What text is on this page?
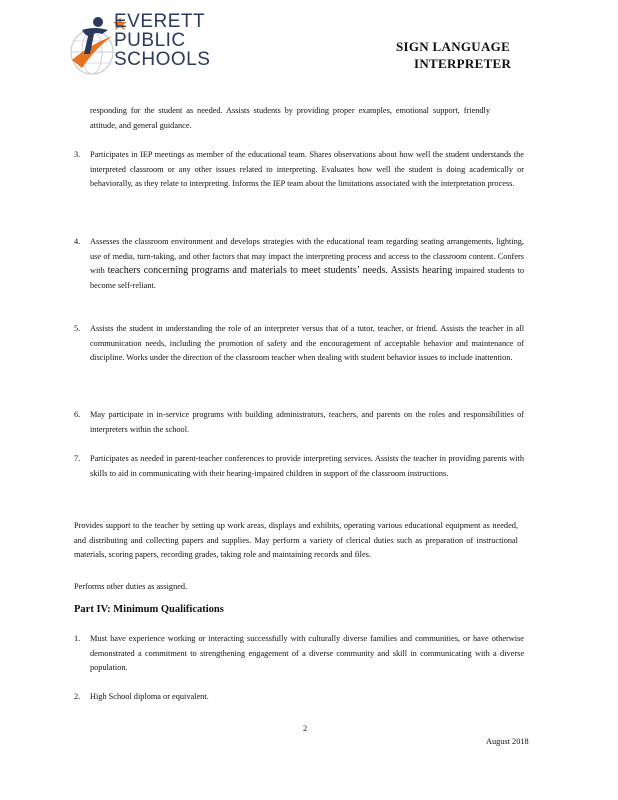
EVERETT
PUBLIC
SCHOOLS
SIGN LANGUAGE
INTERPRETER
responding for the student as needed. Assists students by providing proper examples, emotional support, friendly attitude, and general guidance.
3. Participates in IEP meetings as member of the educational team. Shares observations about how well the student understands the interpreted classroom or any other issues related to interpreting. Evaluates how well the student is doing academically or behaviorally, as they relate to interpreting. Informs the IEP team about the limitations associated with the interpretation process.
4. Assesses the classroom environment and develops strategies with the educational team regarding seating arrangements, lighting, use of media, turn-taking, and other factors that may impact the interpreting process and access to the classroom content. Confers with teachers concerning programs and materials to meet students’ needs. Assists hearing impaired students to become self-reliant.
5. Assists the student in understanding the role of an interpreter versus that of a tutor, teacher, or friend. Assists the teacher in all communication needs, including the promotion of safety and the encouragement of acceptable behavior and maintenance of discipline. Works under the direction of the classroom teacher when dealing with student behavior issues to include inattention.
6. May participate in in-service programs with building administrators, teachers, and parents on the roles and responsibilities of interpreters within the school.
7. Participates as needed in parent-teacher conferences to provide interpreting services. Assists the teacher in providing parents with skills to aid in communicating with their hearing-impaired children in support of the classroom instructions.
Provides support to the teacher by setting up work areas, displays and exhibits, operating various educational equipment as needed, and distributing and collecting papers and supplies. May perform a variety of clerical duties such as preparation of instructional materials, scoring papers, recording grades, taking role and maintaining records and files.
Performs other duties as assigned.
Part IV: Minimum Qualifications
1. Must have experience working or interacting successfully with culturally diverse families and communities, or have otherwise demonstrated a commitment to strengthening engagement of a diverse community and skill in communicating with a diverse population.
2. High School diploma or equivalent.
2
August 2018
